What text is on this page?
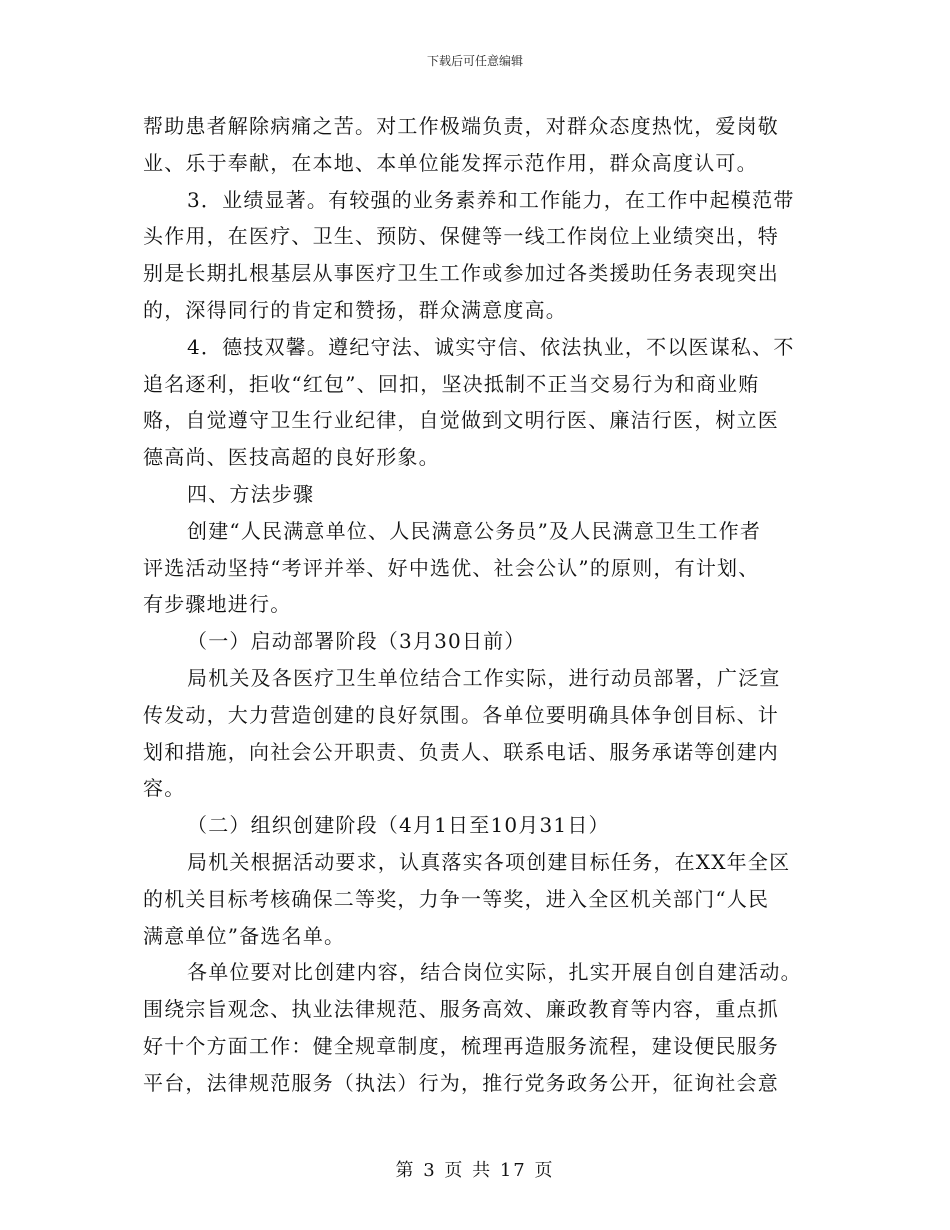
下载后可任意编辑
帮助患者解除病痛之苦。对工作极端负责，对群众态度热忱，爱岗敬
业、乐于奉献，在本地、本单位能发挥示范作用，群众高度认可。
3．业绩显著。有较强的业务素养和工作能力，在工作中起模范带
头作用，在医疗、卫生、预防、保健等一线工作岗位上业绩突出，特
别是长期扎根基层从事医疗卫生工作或参加过各类援助任务表现突出
的，深得同行的肯定和赞扬，群众满意度高。
4．德技双馨。遵纪守法、诚实守信、依法执业，不以医谋私、不
追名逐利，拒收“红包”、回扣，坚决抵制不正当交易行为和商业贿
赂，自觉遵守卫生行业纪律，自觉做到文明行医、廉洁行医，树立医
德高尚、医技高超的良好形象。
四、方法步骤
创建“人民满意单位、人民满意公务员”及人民满意卫生工作者
评选活动坚持“考评并举、好中选优、社会公认”的原则，有计划、
有步骤地进行。
（一）启动部署阶段（3月30日前）
局机关及各医疗卫生单位结合工作实际，进行动员部署，广泛宣
传发动，大力营造创建的良好氛围。各单位要明确具体争创目标、计
划和措施，向社会公开职责、负责人、联系电话、服务承诺等创建内
容。
（二）组织创建阶段（4月1日至10月31日）
局机关根据活动要求，认真落实各项创建目标任务，在XX年全区
的机关目标考核确保二等奖，力争一等奖，进入全区机关部门“人民
满意单位”备选名单。
各单位要对比创建内容，结合岗位实际，扎实开展自创自建活动。
围绕宗旨观念、执业法律规范、服务高效、廉政教育等内容，重点抓
好十个方面工作：健全规章制度，梳理再造服务流程，建设便民服务
平台，法律规范服务（执法）行为，推行党务政务公开，征询社会意
第 3 页 共 17 页
